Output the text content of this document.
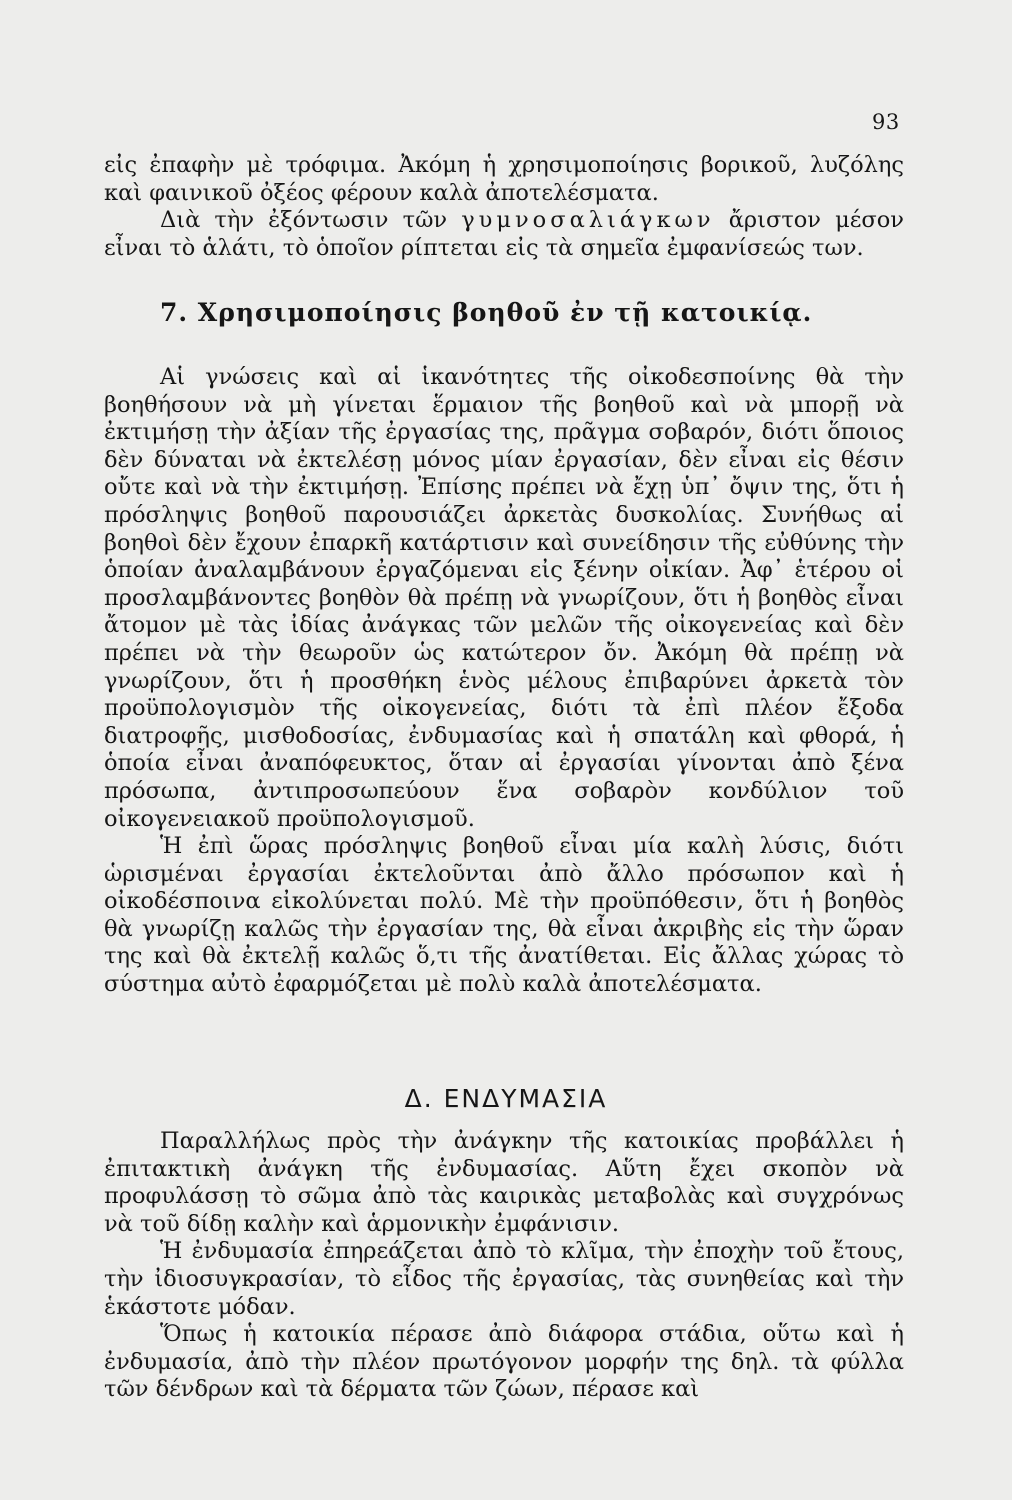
93

εἰς ἐπαφὴν μὲ τρόφιμα. Ἀκόμη ἡ χρησιμοποίησις βορικοῦ, λυζόλης καὶ φαινικοῦ ὀξέος φέρουν καλὰ ἀποτελέσματα.

Διὰ τὴν ἐξόντωσιν τῶν γυμνοσαλιάγκων ἄριστον μέσον εἶναι τὸ ἁλάτι, τὸ ὁποῖον ρίπτεται εἰς τὰ σημεῖα ἐμφανίσεώς των.

7. Χρησιμοποίησις βοηθοῦ ἐν τῇ κατοικίᾳ.

Αἱ γνώσεις καὶ αἱ ἱκανότητες τῆς οἰκοδεσποίνης θὰ τὴν βοηθήσουν νὰ μὴ γίνεται ἕρμαιον τῆς βοηθοῦ καὶ νὰ μπορῇ νὰ ἐκτιμήσῃ τὴν ἀξίαν τῆς ἐργασίας της, πρᾶγμα σοβαρόν, διότι ὅποιος δὲν δύναται νὰ ἐκτελέσῃ μόνος μίαν ἐργασίαν, δὲν εἶναι εἰς θέσιν οὔτε καὶ νὰ τὴν ἐκτιμήσῃ. Ἐπίσης πρέπει νὰ ἔχῃ ὑπ᾿ ὄψιν της, ὅτι ἡ πρόσληψις βοηθοῦ παρουσιάζει ἀρκετὰς δυσκολίας. Συνήθως αἱ βοηθοὶ δὲν ἔχουν ἐπαρκῆ κατάρτισιν καὶ συνείδησιν τῆς εὐθύνης τὴν ὁποίαν ἀναλαμβάνουν ἐργαζόμεναι εἰς ξένην οἰκίαν. Ἀφ᾿ ἑτέρου οἱ προσλαμβάνοντες βοηθὸν θὰ πρέπῃ νὰ γνωρίζουν, ὅτι ἡ βοηθὸς εἶναι ἄτομον μὲ τὰς ἰδίας ἀνάγκας τῶν μελῶν τῆς οἰκογενείας καὶ δὲν πρέπει νὰ τὴν θεωροῦν ὡς κατώτερον ὄν. Ἀκόμη θὰ πρέπῃ νὰ γνωρίζουν, ὅτι ἡ προσθήκη ἑνὸς μέλους ἐπιβαρύνει ἀρκετὰ τὸν προϋπολογισμὸν τῆς οἰκογενείας, διότι τὰ ἐπὶ πλέον ἔξοδα διατροφῆς, μισθοδοσίας, ἐνδυμασίας καὶ ἡ σπατάλη καὶ φθορά, ἡ ὁποία εἶναι ἀναπόφευκτος, ὅταν αἱ ἐργασίαι γίνονται ἀπὸ ξένα πρόσωπα, ἀντιπροσωπεύουν ἕνα σοβαρὸν κονδύλιον τοῦ οἰκογενειακοῦ προϋπολογισμοῦ.

Ἡ ἐπὶ ὥρας πρόσληψις βοηθοῦ εἶναι μία καλὴ λύσις, διότι ὡρισμέναι ἐργασίαι ἐκτελοῦνται ἀπὸ ἄλλο πρόσωπον καὶ ἡ οἰκοδέσποινα εἰκολύνεται πολύ. Μὲ τὴν προϋπόθεσιν, ὅτι ἡ βοηθὸς θὰ γνωρίζῃ καλῶς τὴν ἐργασίαν της, θὰ εἶναι ἀκριβὴς εἰς τὴν ὥραν της καὶ θὰ ἐκτελῇ καλῶς ὅ,τι τῆς ἀνατίθεται. Εἰς ἄλλας χώρας τὸ σύστημα αὐτὸ ἐφαρμόζεται μὲ πολὺ καλὰ ἀποτελέσματα.

Δ. ΕΝΔΥΜΑΣΙΑ

Παραλλήλως πρὸς τὴν ἀνάγκην τῆς κατοικίας προβάλλει ἡ ἐπιτακτικὴ ἀνάγκη τῆς ἐνδυμασίας. Αὕτη ἔχει σκοπὸν νὰ προφυλάσσῃ τὸ σῶμα ἀπὸ τὰς καιρικὰς μεταβολὰς καὶ συγχρόνως νὰ τοῦ δίδῃ καλὴν καὶ ἁρμονικὴν ἐμφάνισιν.

Ἡ ἐνδυμασία ἐπηρεάζεται ἀπὸ τὸ κλῖμα, τὴν ἐποχὴν τοῦ ἔτους, τὴν ἰδιοσυγκρασίαν, τὸ εἶδος τῆς ἐργασίας, τὰς συνηθείας καὶ τὴν ἑκάστοτε μόδαν.

Ὅπως ἡ κατοικία πέρασε ἀπὸ διάφορα στάδια, οὕτω καὶ ἡ ἐνδυμασία, ἀπὸ τὴν πλέον πρωτόγονον μορφήν της δηλ. τὰ φύλλα τῶν δένδρων καὶ τὰ δέρματα τῶν ζώων, πέρασε καὶ
